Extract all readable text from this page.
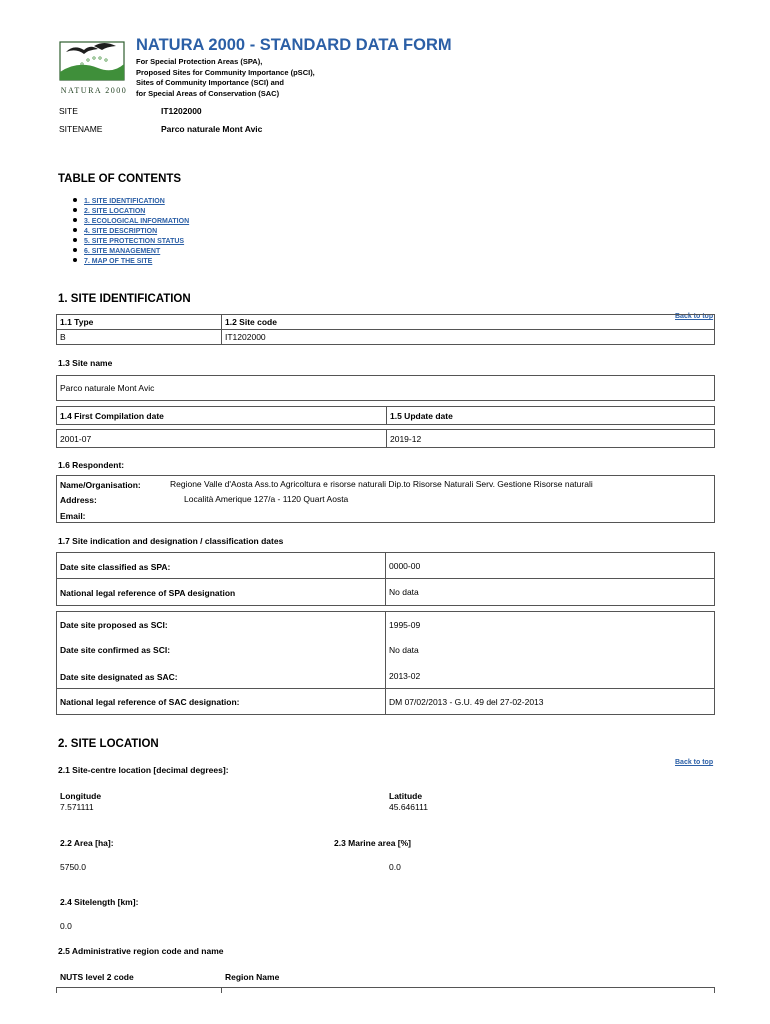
NATURA 2000
NATURA 2000 - STANDARD DATA FORM
For Special Protection Areas (SPA),
Proposed Sites for Community Importance (pSCI),
Sites of Community Importance (SCI) and
for Special Areas of Conservation (SAC)
SITE	IT1202000
SITENAME	Parco naturale Mont Avic
TABLE OF CONTENTS
1. SITE IDENTIFICATION
2. SITE LOCATION
3. ECOLOGICAL INFORMATION
4. SITE DESCRIPTION
5. SITE PROTECTION STATUS
6. SITE MANAGEMENT
7. MAP OF THE SITE
1. SITE IDENTIFICATION
Back to top
1.1 Type	1.2 Site code
B	IT1202000
1.3 Site name
Parco naturale Mont Avic
1.4 First Compilation date	1.5 Update date
2001-07	2019-12
1.6 Respondent:
Name/Organisation:	Regione Valle d'Aosta Ass.to Agricoltura e risorse naturali Dip.to Risorse Naturali Serv. Gestione Risorse naturali
Address:	Località Amerique 127/a - 1120 Quart Aosta
Email:
1.7 Site indication and designation / classification dates
Date site classified as SPA:	0000-00
National legal reference of SPA designation	No data
Date site proposed as SCI:	1995-09
Date site confirmed as SCI:	No data
Date site designated as SAC:	2013-02
National legal reference of SAC designation:	DM 07/02/2013 - G.U. 49 del 27-02-2013
2. SITE LOCATION
Back to top
2.1 Site-centre location [decimal degrees]:
Longitude
7.571111
Latitude
45.646111
2.2 Area [ha]:	2.3 Marine area [%]
5750.0	0.0
2.4 Sitelength [km]:
0.0
2.5 Administrative region code and name
NUTS level 2 code	Region Name
